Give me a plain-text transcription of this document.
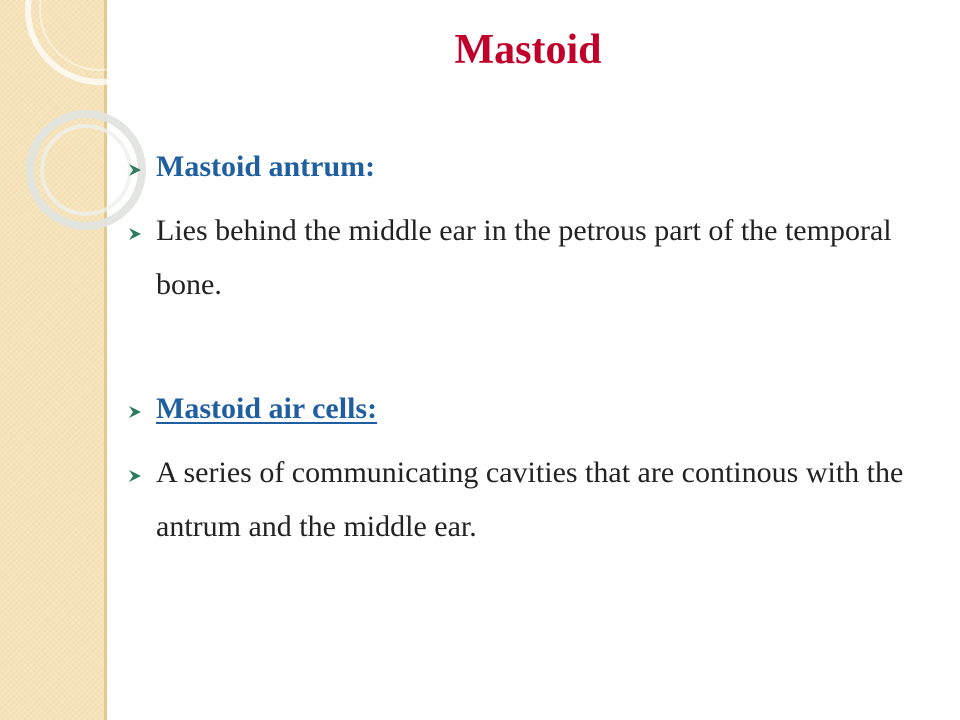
Mastoid
Mastoid antrum:
Lies behind the middle ear in the petrous part of the temporal bone.
Mastoid air cells:
A series of communicating cavities that are continous with the antrum and the middle ear.
